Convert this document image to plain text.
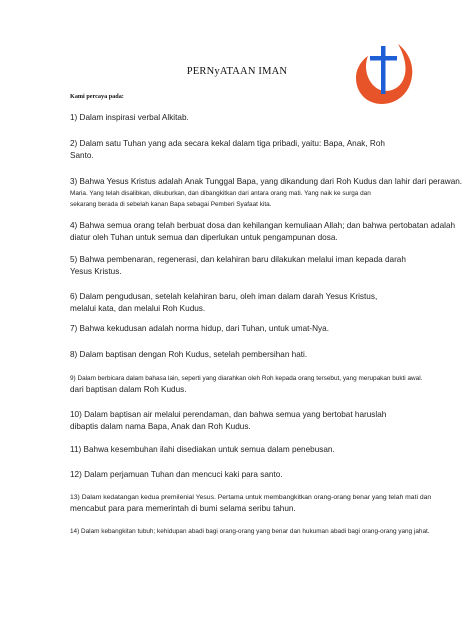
PERNyATAAN IMAN
Kami percaya pada:
1) Dalam inspirasi verbal Alkitab.
2) Dalam satu Tuhan yang ada secara kekal dalam tiga pribadi, yaitu: Bapa, Anak, Roh
Santo.
3) Bahwa Yesus Kristus adalah Anak Tunggal Bapa, yang dikandung dari Roh Kudus dan lahir dari perawan.
Maria. Yang telah disalibkan, dikuburkan, dan dibangkitkan dari antara orang mati. Yang naik ke surga dan
sekarang berada di sebelah kanan Bapa sebagai Pemberi Syafaat kita.
4) Bahwa semua orang telah berbuat dosa dan kehilangan kemuliaan Allah; dan bahwa pertobatan adalah
diatur oleh Tuhan untuk semua dan diperlukan untuk pengampunan dosa.
5) Bahwa pembenaran, regenerasi, dan kelahiran baru dilakukan melalui iman kepada darah
Yesus Kristus.
6) Dalam pengudusan, setelah kelahiran baru, oleh iman dalam darah Yesus Kristus,
melalui kata, dan melalui Roh Kudus.
7) Bahwa kekudusan adalah norma hidup, dari Tuhan, untuk umat-Nya.
8) Dalam baptisan dengan Roh Kudus, setelah pembersihan hati.
9) Dalam berbicara dalam bahasa lain, seperti yang diarahkan oleh Roh kepada orang tersebut, yang merupakan bukti awal.
dari baptisan dalam Roh Kudus.
10) Dalam baptisan air melalui perendaman, dan bahwa semua yang bertobat haruslah
dibaptis dalam nama Bapa, Anak dan Roh Kudus.
11) Bahwa kesembuhan ilahi disediakan untuk semua dalam penebusan.
12) Dalam perjamuan Tuhan dan mencuci kaki para santo.
13) Dalam kedatangan kedua premilenial Yesus. Pertama untuk membangkitkan orang-orang benar yang telah mati dan
mencabut para para memerintah di bumi selama seribu tahun.
14) Dalam kebangkitan tubuh; kehidupan abadi bagi orang-orang yang benar dan hukuman abadi bagi orang-orang yang jahat.
